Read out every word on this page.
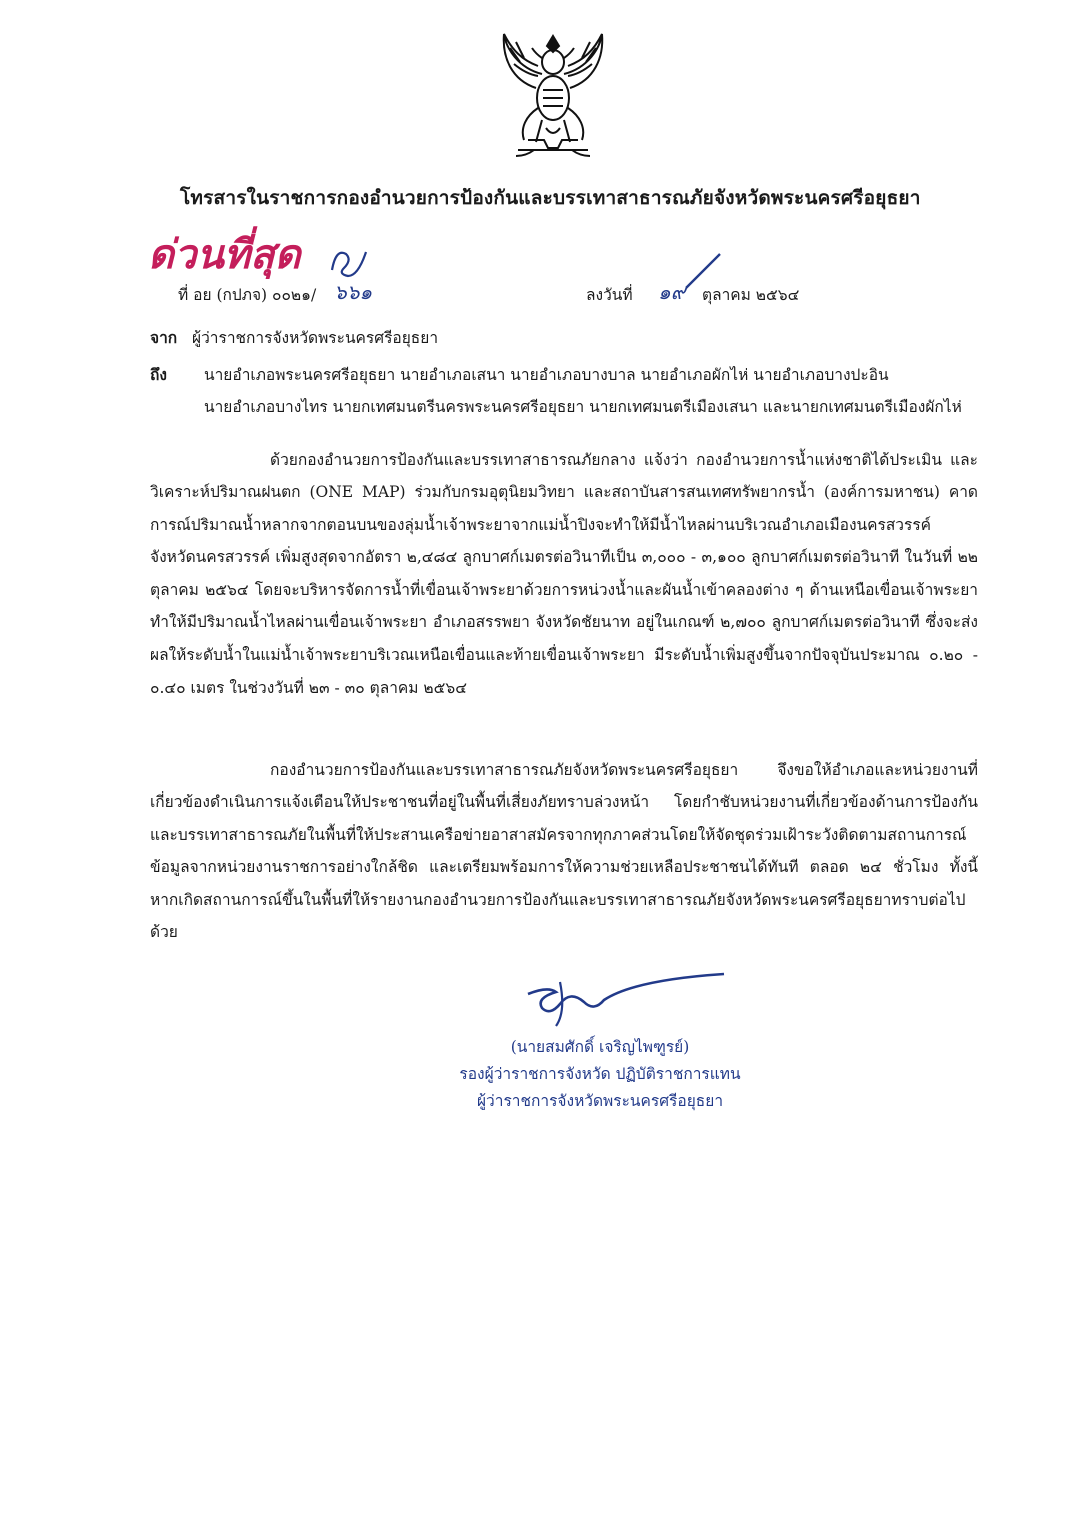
โทรสารในราชการกองอำนวยการป้องกันและบรรเทาสาธารณภัยจังหวัดพระนครศรีอยุธยา
ด่วนที่สุด
ที่ อย (กปภจ) ๐๐๒๑/ ๖๖๑	ลงวันที่ ๑๙ ตุลาคม ๒๕๖๔
จาก ผู้ว่าราชการจังหวัดพระนครศรีอยุธยา
ถึง นายอำเภอพระนครศรีอยุธยา นายอำเภอเสนา นายอำเภอบางบาล นายอำเภอผักไห่ นายอำเภอบางปะอิน
นายอำเภอบางไทร นายกเทศมนตรีนครพระนครศรีอยุธยา นายกเทศมนตรีเมืองเสนา และนายกเทศมนตรีเมืองผักไห่

ด้วยกองอำนวยการป้องกันและบรรเทาสาธารณภัยกลาง แจ้งว่า กองอำนวยการน้ำแห่งชาติได้ประเมิน และวิเคราะห์ปริมาณฝนตก (ONE MAP) ร่วมกับกรมอุตุนิยมวิทยา และสถาบันสารสนเทศทรัพยากรน้ำ (องค์การมหาชน) คาดการณ์ปริมาณน้ำหลากจากตอนบนของลุ่มน้ำเจ้าพระยาจากแม่น้ำปิงจะทำให้มีน้ำไหลผ่านบริเวณอำเภอเมืองนครสวรรค์ จังหวัดนครสวรรค์ เพิ่มสูงสุดจากอัตรา ๒,๔๘๔ ลูกบาศก์เมตรต่อวินาทีเป็น ๓,๐๐๐ - ๓,๑๐๐ ลูกบาศก์เมตรต่อวินาที ในวันที่ ๒๒ ตุลาคม ๒๕๖๔ โดยจะบริหารจัดการน้ำที่เขื่อนเจ้าพระยาด้วยการหน่วงน้ำและผันน้ำเข้าคลองต่าง ๆ ด้านเหนือเขื่อนเจ้าพระยา ทำให้มีปริมาณน้ำไหลผ่านเขื่อนเจ้าพระยา อำเภอสรรพยา จังหวัดชัยนาท อยู่ในเกณฑ์ ๒,๗๐๐ ลูกบาศก์เมตรต่อวินาที ซึ่งจะส่งผลให้ระดับน้ำในแม่น้ำเจ้าพระยาบริเวณเหนือเขื่อนและท้ายเขื่อนเจ้าพระยา มีระดับน้ำเพิ่มสูงขึ้นจากปัจจุบันประมาณ ๐.๒๐ - ๐.๔๐ เมตร ในช่วงวันที่ ๒๓ - ๓๐ ตุลาคม ๒๕๖๔

กองอำนวยการป้องกันและบรรเทาสาธารณภัยจังหวัดพระนครศรีอยุธยา จึงขอให้อำเภอและหน่วยงานที่เกี่ยวข้องดำเนินการแจ้งเตือนให้ประชาชนที่อยู่ในพื้นที่เสี่ยงภัยทราบล่วงหน้า โดยกำชับหน่วยงานที่เกี่ยวข้องด้านการป้องกันและบรรเทาสาธารณภัยในพื้นที่ให้ประสานเครือข่ายอาสาสมัครจากทุกภาคส่วนโดยให้จัดชุดร่วมเฝ้าระวังติดตามสถานการณ์ข้อมูลจากหน่วยงานราชการอย่างใกล้ชิด และเตรียมพร้อมการให้ความช่วยเหลือประชาชนได้ทันที ตลอด ๒๔ ชั่วโมง ทั้งนี้ หากเกิดสถานการณ์ขึ้นในพื้นที่ให้รายงานกองอำนวยการป้องกันและบรรเทาสาธารณภัยจังหวัดพระนครศรีอยุธยาทราบต่อไปด้วย

(นายสมศักดิ์ เจริญไพฑูรย์)
รองผู้ว่าราชการจังหวัด ปฏิบัติราชการแทน
ผู้ว่าราชการจังหวัดพระนครศรีอยุธยา
